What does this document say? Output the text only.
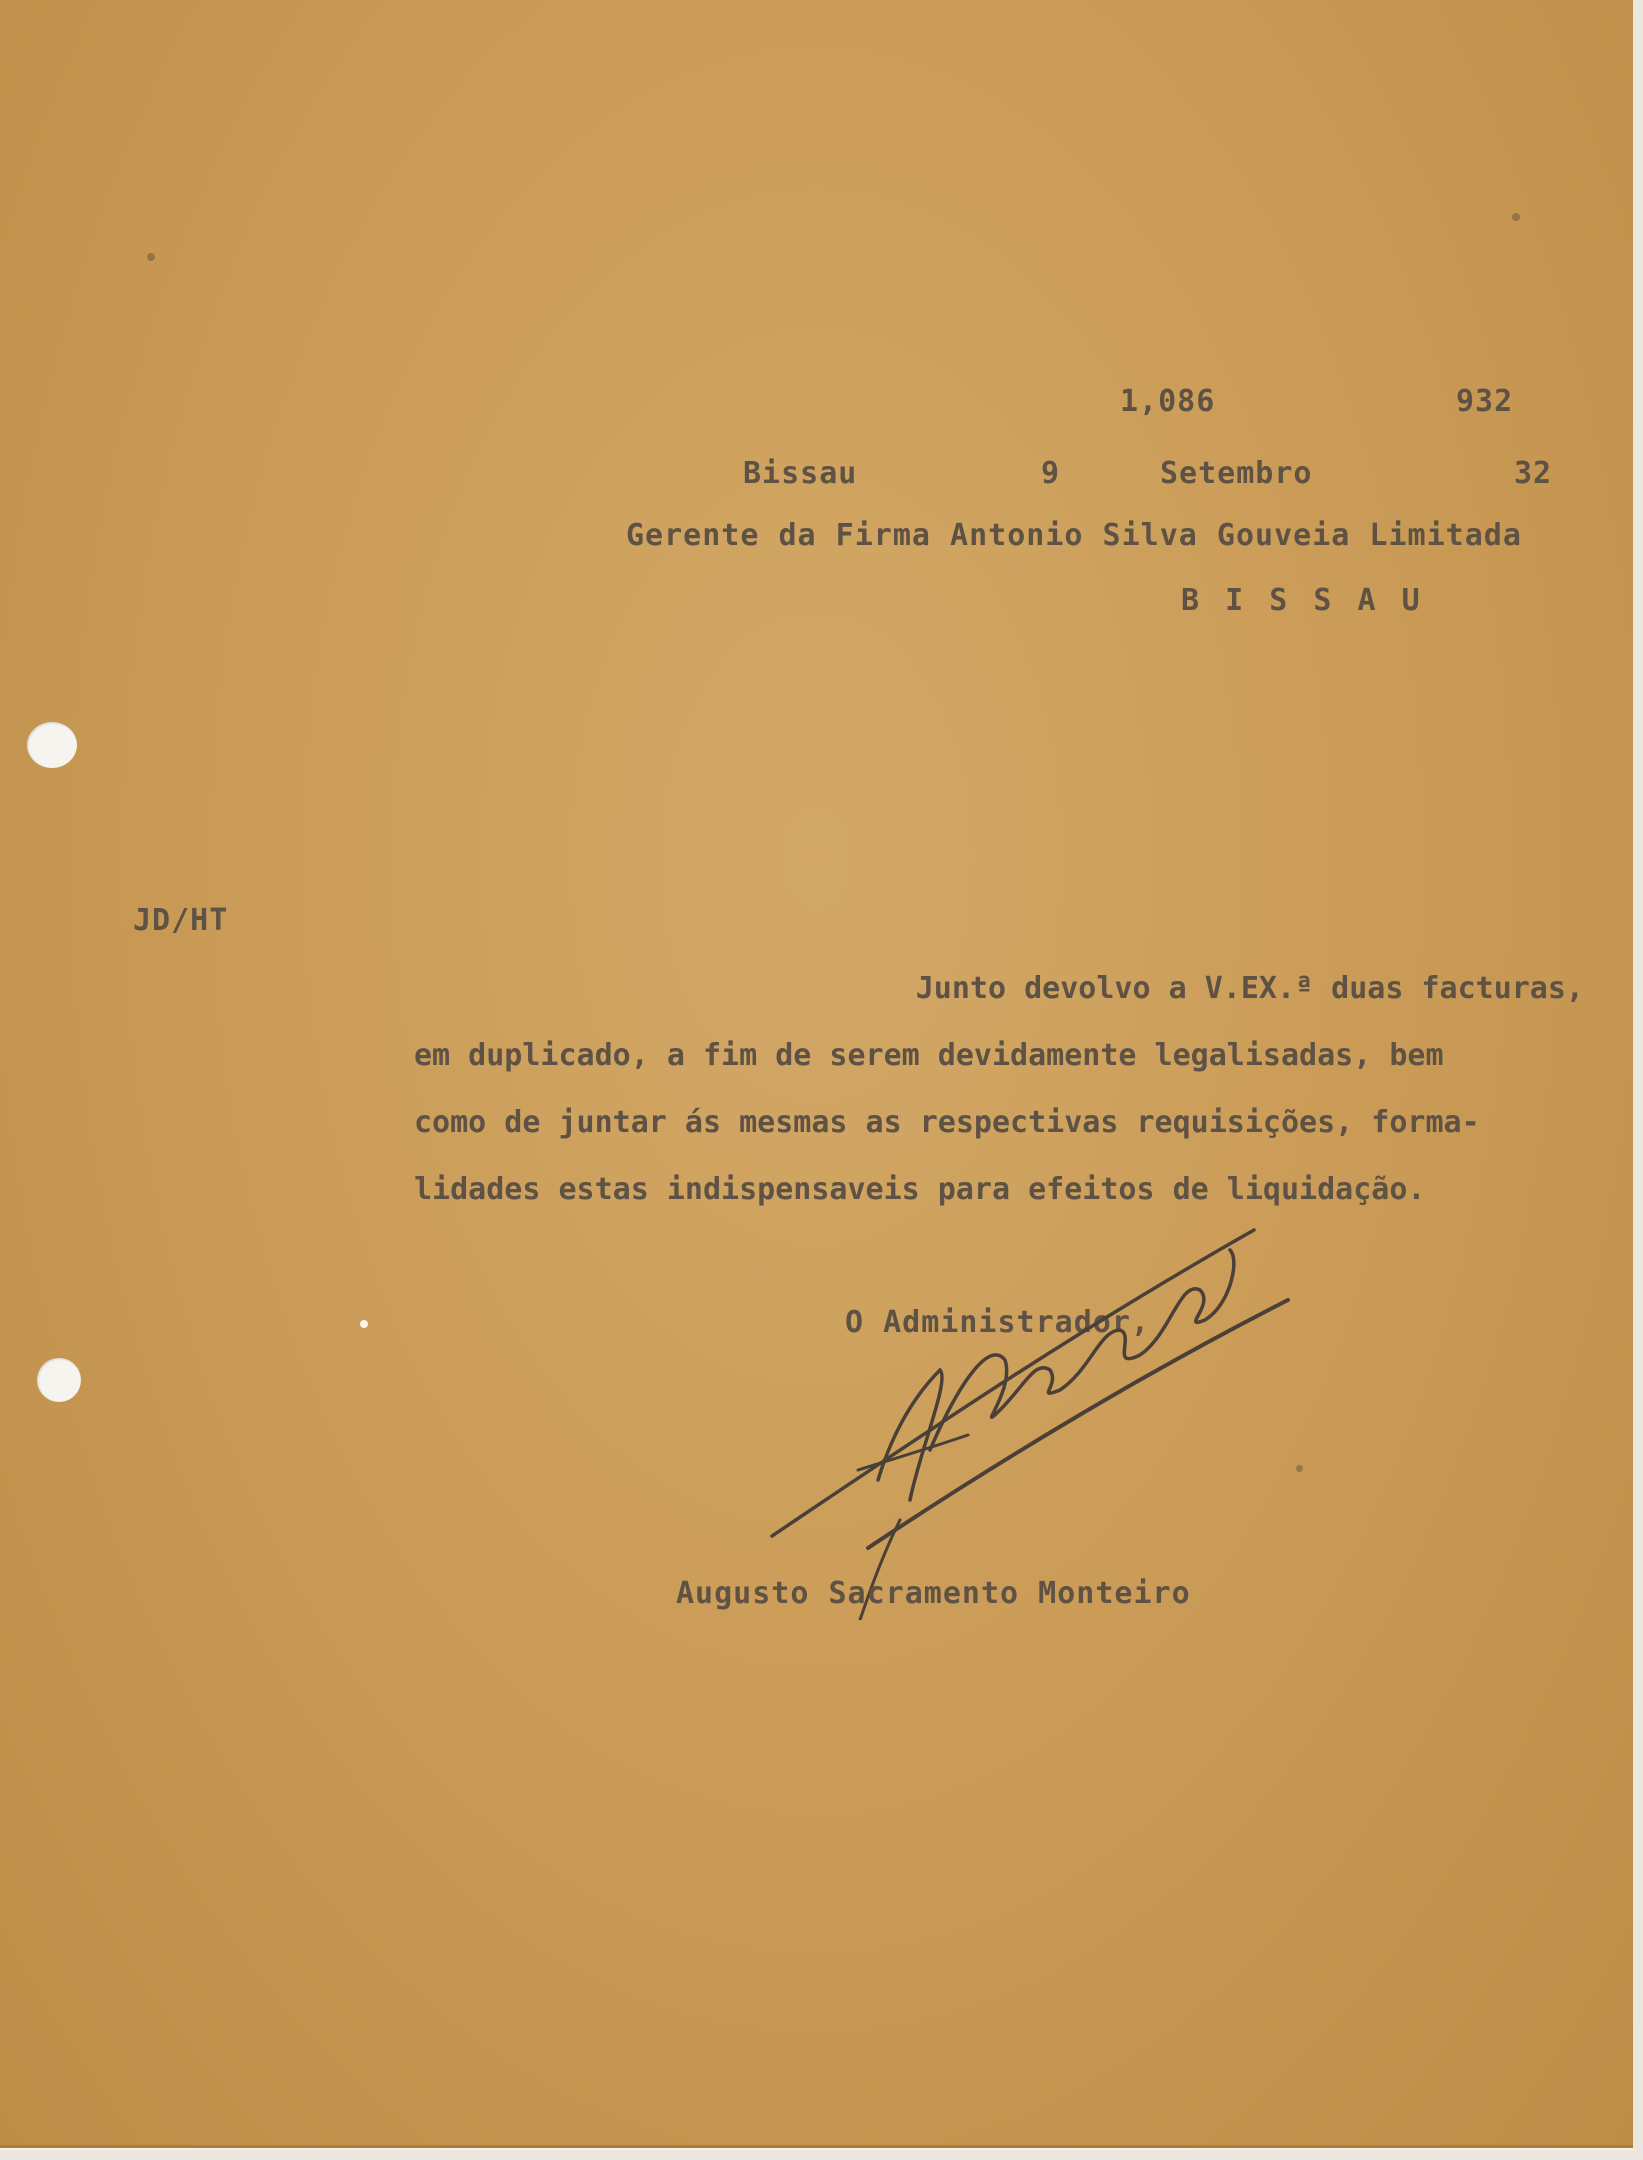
1,086	932
Bissau	9	Setembro	32
Gerente da Firma Antonio Silva Gouveia Limitada
B I S S A U
JD/HT
Junto devolvo a V.EX.ª duas facturas,
em duplicado, a fim de serem devidamente legalisadas, bem
como de juntar ás mesmas as respectivas requisições, forma-
lidades estas indispensaveis para efeitos de liquidação.
O Administrador,
Augusto Sacramento Monteiro
